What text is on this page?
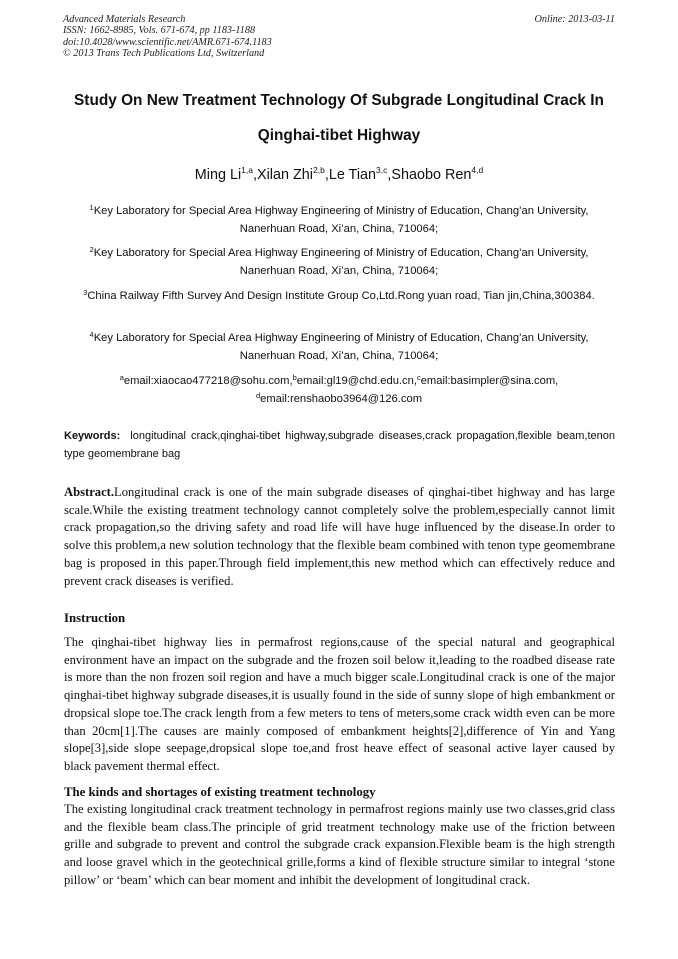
Advanced Materials Research
ISSN: 1662-8985, Vols. 671-674, pp 1183-1188
doi:10.4028/www.scientific.net/AMR.671-674.1183
© 2013 Trans Tech Publications Ltd, Switzerland
Online: 2013-03-11
Study On New Treatment Technology Of Subgrade Longitudinal Crack In
Qinghai-tibet Highway
Ming Li$^{1,a}$,Xilan Zhi$^{2,b}$,Le Tian$^{3,c}$,Shaobo Ren$^{4,d}$
$^1$Key Laboratory for Special Area Highway Engineering of Ministry of Education, Chang’an University, Nanerhuan Road, Xi’an, China, 710064;
$^2$Key Laboratory for Special Area Highway Engineering of Ministry of Education, Chang’an University, Nanerhuan Road, Xi’an, China, 710064;
$^3$China Railway Fifth Survey And Design Institute Group Co,Ltd.Rong yuan road, Tian jin,China,300384.
$^4$Key Laboratory for Special Area Highway Engineering of Ministry of Education, Chang’an University, Nanerhuan Road, Xi’an, China, 710064;
$^a$email:xiaocao477218@sohu.com,$^b$email:gl19@chd.edu.cn,$^c$email:basimpler@sina.com,
$^d$email:renshaobo3964@126.com
Keywords: longitudinal crack,qinghai-tibet highway,subgrade diseases,crack propagation,flexible beam,tenon type geomembrane bag
Abstract.Longitudinal crack is one of the main subgrade diseases of qinghai-tibet highway and has large scale.While the existing treatment technology cannot completely solve the problem,especially cannot limit crack propagation,so the driving safety and road life will have huge influenced by the disease.In order to solve this problem,a new solution technology that the flexible beam combined with tenon type geomembrane bag is proposed in this paper.Through field implement,this new method which can effectively reduce and prevent crack diseases is verified.
Instruction
The qinghai-tibet highway lies in permafrost regions,cause of the special natural and geographical environment have an impact on the subgrade and the frozen soil below it,leading to the roadbed disease rate is more than the non frozen soil region and have a much bigger scale.Longitudinal crack is one of the major qinghai-tibet highway subgrade diseases,it is usually found in the side of sunny slope of high embankment or dropsical slope toe.The crack length from a few meters to tens of meters,some crack width even can be more than 20cm[1].The causes are mainly composed of embankment heights[2],difference of Yin and Yang slope[3],side slope seepage,dropsical slope toe,and frost heave effect of seasonal active layer caused by black pavement thermal effect.
The kinds and shortages of existing treatment technology
The existing longitudinal crack treatment technology in permafrost regions mainly use two classes,grid class and the flexible beam class.The principle of grid treatment technology make use of the friction between grille and subgrade to prevent and control the subgrade crack expansion.Flexible beam is the high strength and loose gravel which in the geotechnical grille,forms a kind of flexible structure similar to integral ‘stone pillow’ or ‘beam’ which can bear moment and inhibit the development of longitudinal crack.
